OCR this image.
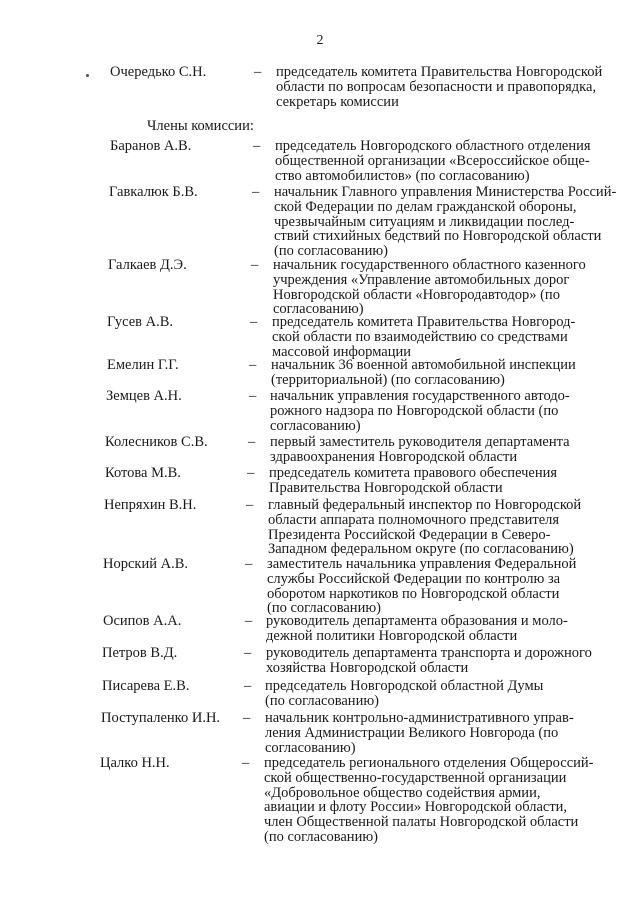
2
Очередько С.Н.	– председатель комитета Правительства Новгородской
области по вопросам безопасности и правопорядка,
секретарь комиссии
Члены комиссии:
Баранов А.В.	– председатель Новгородского областного отделения
общественной организации «Всероссийское обще-
ство автомобилистов» (по согласованию)
Гавкалюк Б.В.	– начальник Главного управления Министерства Россий-
ской Федерации по делам гражданской обороны,
чрезвычайным ситуациям и ликвидации послед-
ствий стихийных бедствий по Новгородской области
(по согласованию)
Галкаев Д.Э.	– начальник государственного областного казенного
учреждения «Управление автомобильных дорог
Новгородской области «Новгородавтодор» (по
согласованию)
Гусев А.В.	– председатель комитета Правительства Новгород-
ской области по взаимодействию со средствами
массовой информации
Емелин Г.Г.	– начальник 36 военной автомобильной инспекции
(территориальной) (по согласованию)
Земцев А.Н.	– начальник управления государственного автодо-
рожного надзора по Новгородской области (по
согласованию)
Колесников С.В.	– первый заместитель руководителя департамента
здравоохранения Новгородской области
Котова М.В.	– председатель комитета правового обеспечения
Правительства Новгородской области
Непряхин В.Н.	– главный федеральный инспектор по Новгородской
области аппарата полномочного представителя
Президента Российской Федерации в Северо-
Западном федеральном округе (по согласованию)
Норский А.В.	– заместитель начальника управления Федеральной
службы Российской Федерации по контролю за
оборотом наркотиков по Новгородской области
(по согласованию)
Осипов А.А.	– руководитель департамента образования и моло-
дежной политики Новгородской области
Петров В.Д.	– руководитель департамента транспорта и дорожного
хозяйства Новгородской области
Писарева Е.В.	– председатель Новгородской областной Думы
(по согласованию)
Поступаленко И.Н. – начальник контрольно-административного управ-
ления Администрации Великого Новгорода (по
согласованию)
Цалко Н.Н.	– председатель регионального отделения Общероссий-
ской общественно-государственной организации
«Добровольное общество содействия армии,
авиации и флоту России» Новгородской области,
член Общественной палаты Новгородской области
(по согласованию)
